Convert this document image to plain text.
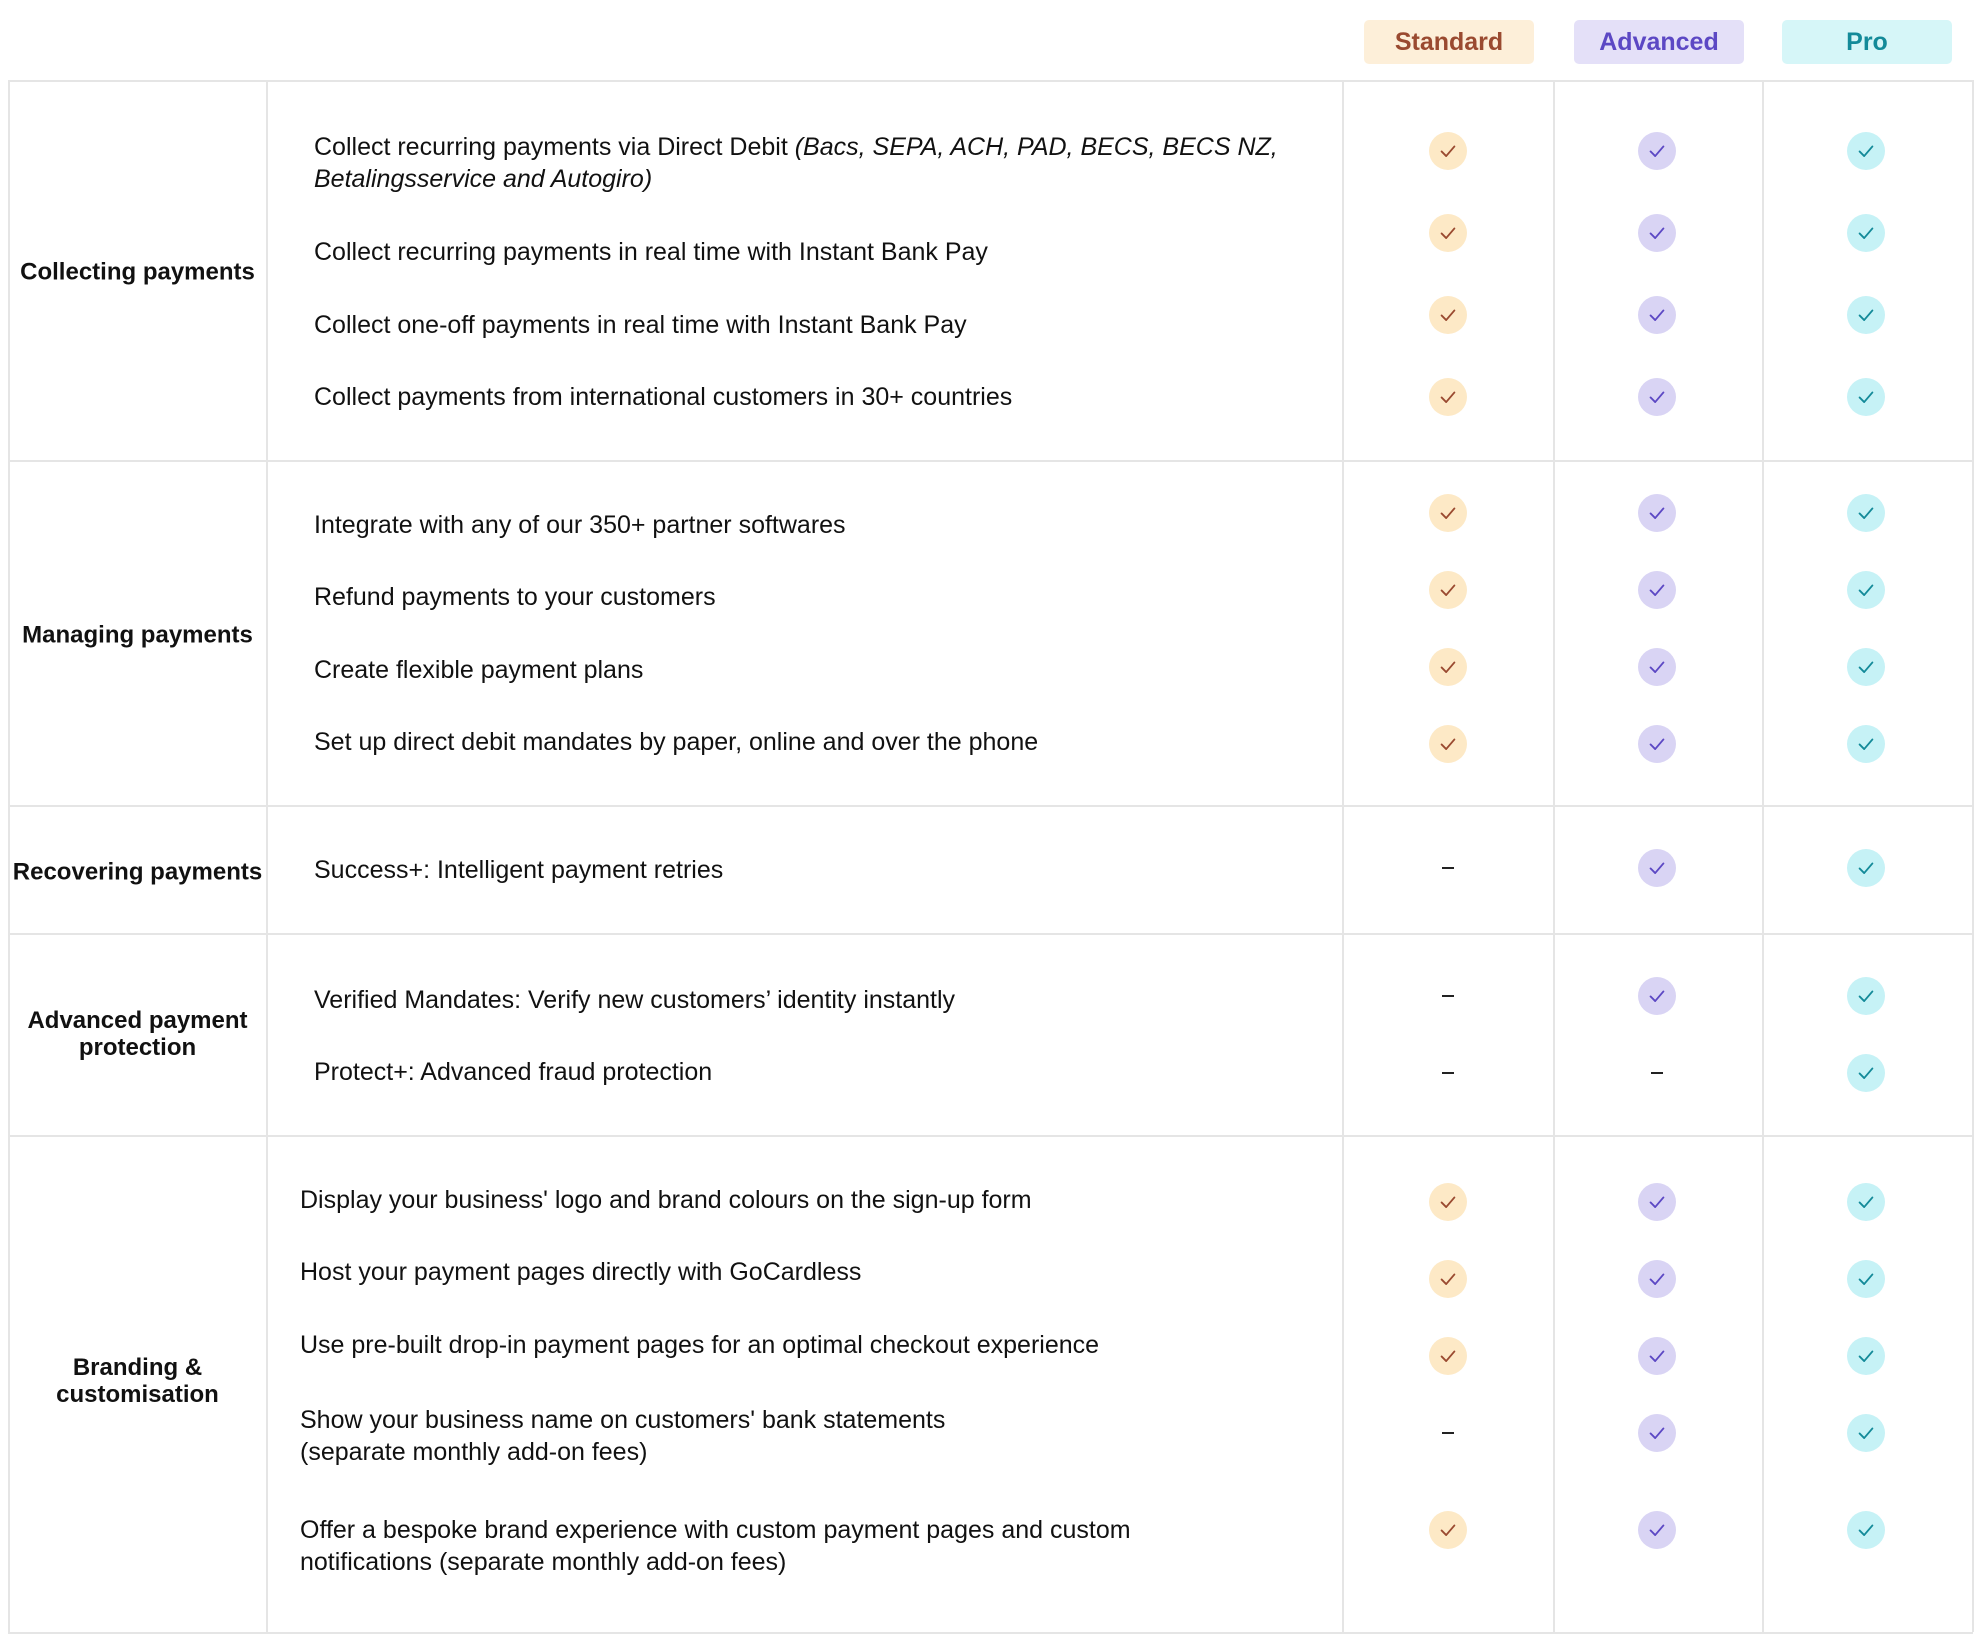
Standard	Advanced	Pro
Collecting payments
Managing payments
Recovering payments
Advanced payment protection
Branding & customisation
Collect recurring payments via Direct Debit (Bacs, SEPA, ACH, PAD, BECS, BECS NZ,
Betalingsservice and Autogiro)
Collect recurring payments in real time with Instant Bank Pay
Collect one-off payments in real time with Instant Bank Pay
Collect payments from international customers in 30+ countries
Integrate with any of our 350+ partner softwares
Refund payments to your customers
Create flexible payment plans
Set up direct debit mandates by paper, online and over the phone
Success+: Intelligent payment retries
Verified Mandates: Verify new customers’ identity instantly
Protect+: Advanced fraud protection
Display your business' logo and brand colours on the sign-up form
Host your payment pages directly with GoCardless
Use pre-built drop-in payment pages for an optimal checkout experience
Show your business name on customers' bank statements
(separate monthly add-on fees)
Offer a bespoke brand experience with custom payment pages and custom
notifications (separate monthly add-on fees)
